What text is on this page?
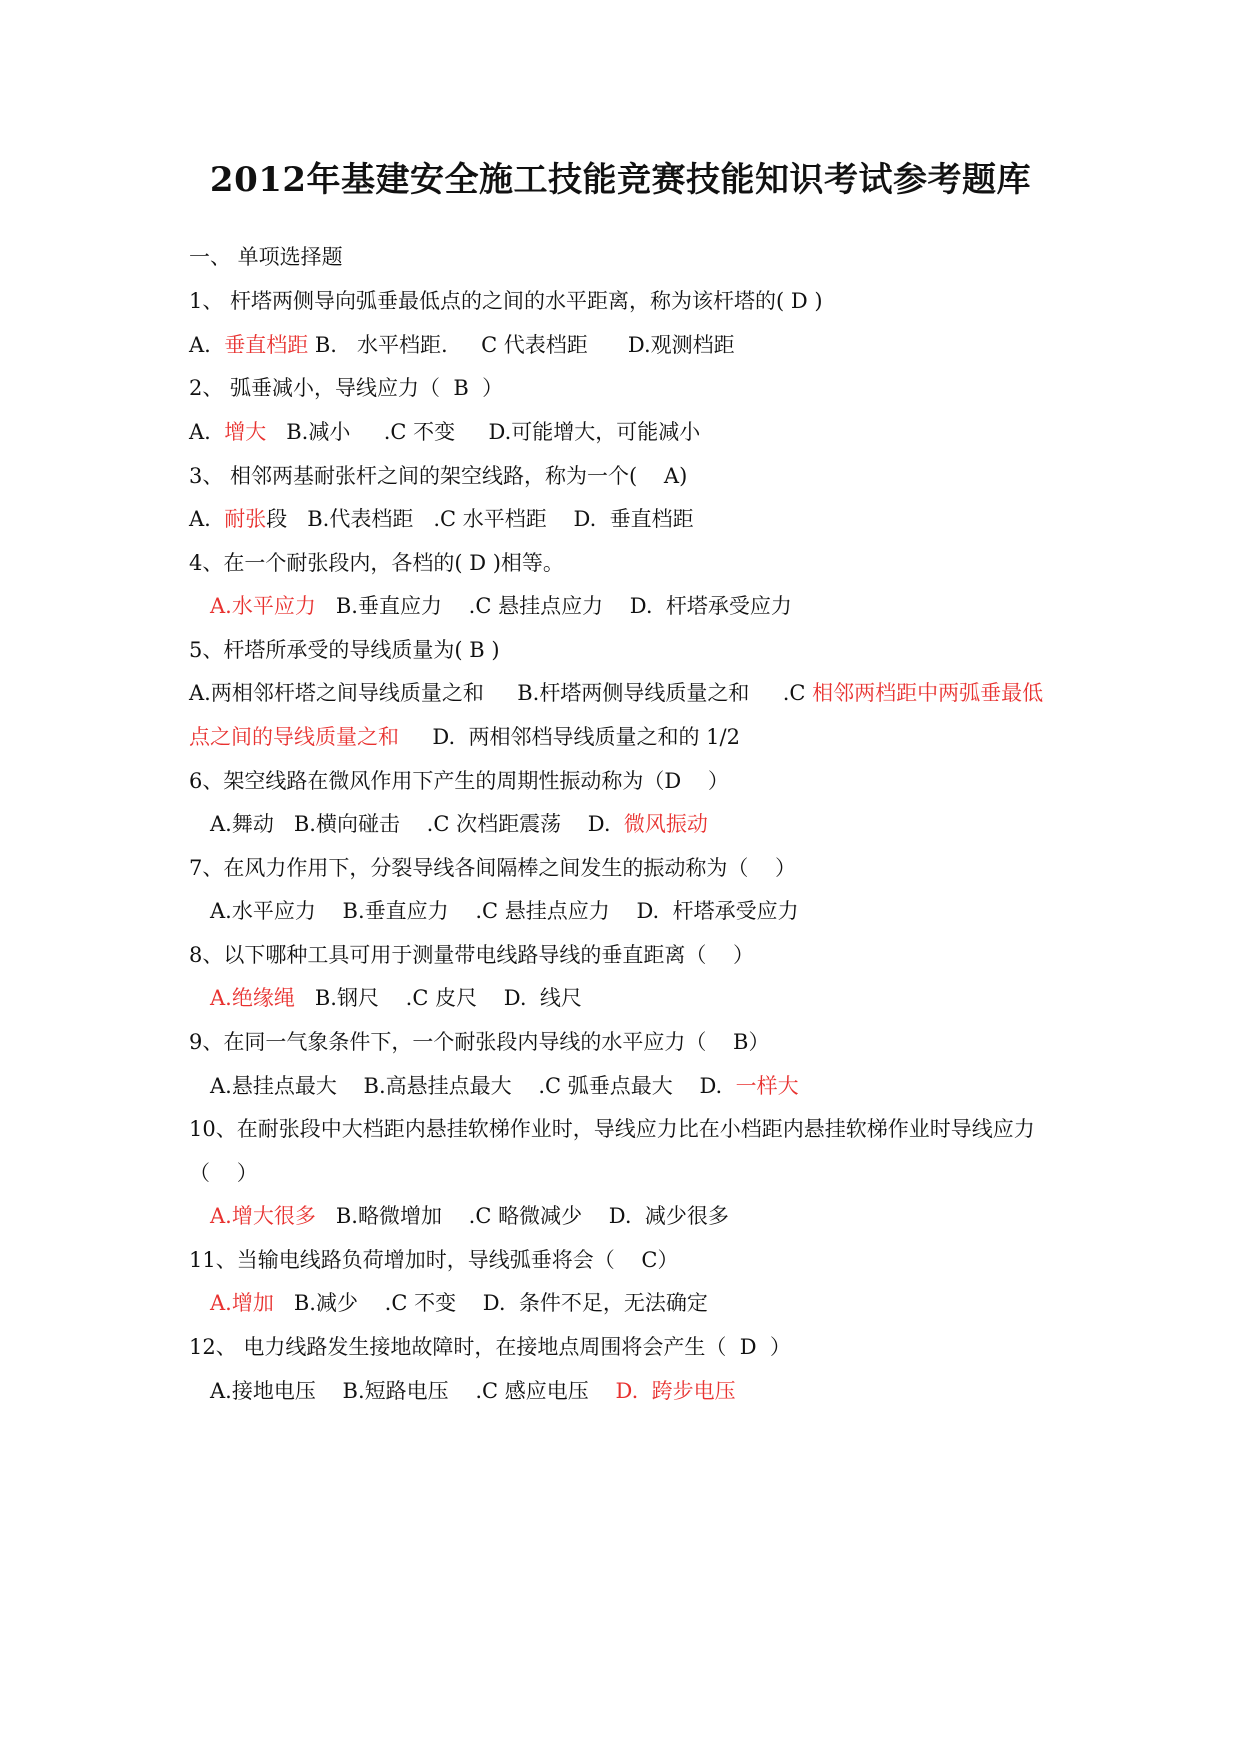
2012年基建安全施工技能竞赛技能知识考试参考题库
一、 单项选择题
1、 杆塔两侧导向弧垂最低点的之间的水平距离，称为该杆塔的( D )
A.  垂直档距 B.   水平档距.     C 代表档距      D.观测档距
2、 弧垂减小，导线应力（  B  ）
A.  增大   B.减小     .C 不变     D.可能增大，可能减小
3、 相邻两基耐张杆之间的架空线路，称为一个(    A)
A.  耐张段   B.代表档距   .C 水平档距    D.  垂直档距
4、在一个耐张段内，各档的( D )相等。
A.水平应力   B.垂直应力    .C 悬挂点应力    D.  杆塔承受应力
5、杆塔所承受的导线质量为( B )
A.两相邻杆塔之间导线质量之和     B.杆塔两侧导线质量之和     .C 相邻两档距中两弧垂最低
点之间的导线质量之和     D.  两相邻档导线质量之和的 1/2
6、架空线路在微风作用下产生的周期性振动称为（D    ）
A.舞动   B.横向碰击    .C 次档距震荡    D.  微风振动
7、在风力作用下，分裂导线各间隔棒之间发生的振动称为（    ）
A.水平应力    B.垂直应力    .C 悬挂点应力    D.  杆塔承受应力
8、以下哪种工具可用于测量带电线路导线的垂直距离（    ）
A.绝缘绳   B.钢尺    .C 皮尺    D.  线尺
9、在同一气象条件下，一个耐张段内导线的水平应力（    B）
A.悬挂点最大    B.高悬挂点最大    .C 弧垂点最大    D.  一样大
10、在耐张段中大档距内悬挂软梯作业时，导线应力比在小档距内悬挂软梯作业时导线应力
（    ）
A.增大很多   B.略微增加    .C 略微减少    D.  减少很多
11、当输电线路负荷增加时，导线弧垂将会（    C）
A.增加   B.减少    .C 不变    D.  条件不足，无法确定
12、 电力线路发生接地故障时，在接地点周围将会产生（  D  ）
A.接地电压    B.短路电压    .C 感应电压    D.  跨步电压
